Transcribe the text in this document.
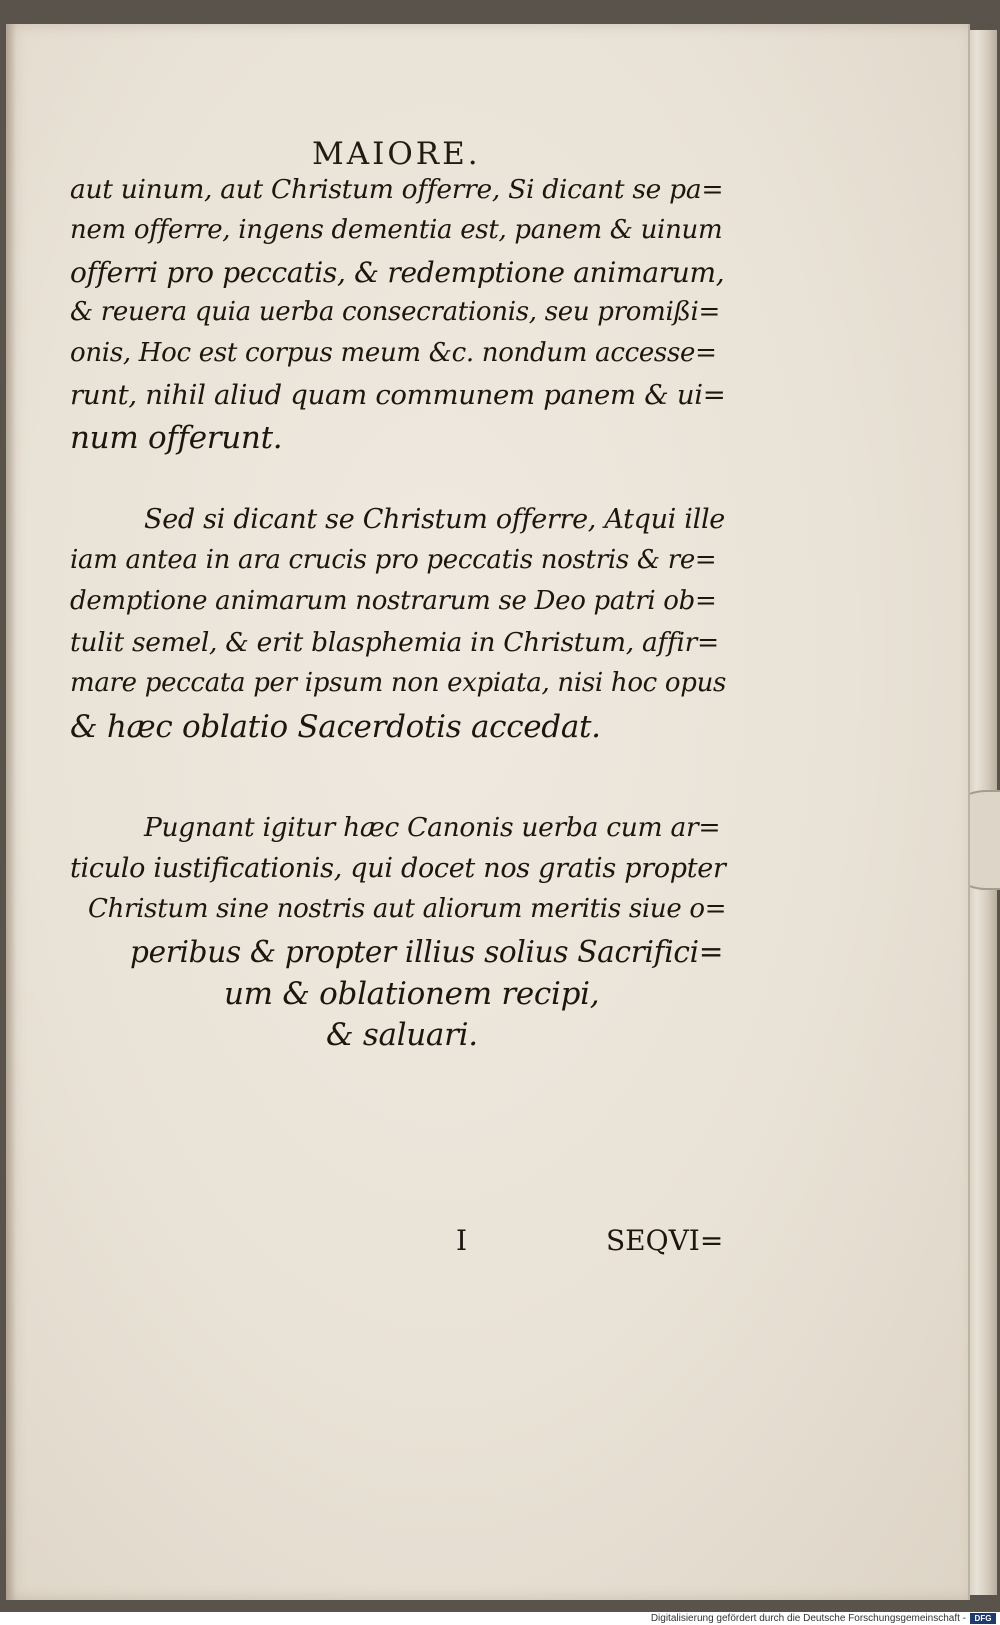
MAIORE.
aut uinum, aut Christum offerre, Si dicant se pa=
nem offerre, ingens dementia est, panem & uinum
offerri pro peccatis, & redemptione animarum,
& reuera quia uerba consecrationis, seu promißi=
onis, Hoc est corpus meum &c. nondum accesse=
runt, nihil aliud quam communem panem & ui=
num offerunt.
Sed si dicant se Christum offerre, Atqui ille
iam antea in ara crucis pro peccatis nostris & re=
demptione animarum nostrarum se Deo patri ob=
tulit semel, & erit blasphemia in Christum, affir=
mare peccata per ipsum non expiata, nisi hoc opus
& hæc oblatio Sacerdotis accedat.
Pugnant igitur hæc Canonis uerba cum ar=
ticulo iustificationis, qui docet nos gratis propter
Christum sine nostris aut aliorum meritis siue o=
peribus & propter illius solius Sacrifici=
um & oblationem recipi,
& saluari.
I	SEQVI=
Digitalisierung gefördert durch die Deutsche Forschungsgemeinschaft -	DFG
